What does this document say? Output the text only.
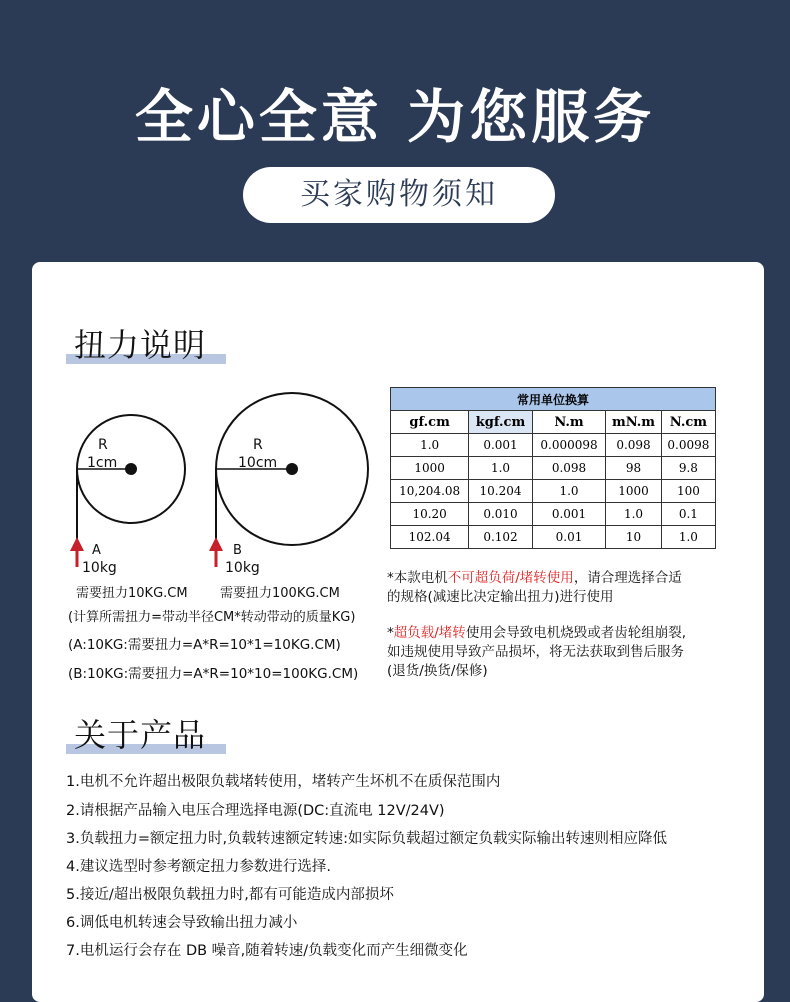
全心全意 为您服务
买家购物须知
扭力说明
R
1cm
A
10kg
需要扭力10KG.CM
R
10cm
B
10kg
需要扭力100KG.CM
(计算所需扭力=带动半径CM*转动带动的质量KG)
(A:10KG:需要扭力=A*R=10*1=10KG.CM)
(B:10KG:需要扭力=A*R=10*10=100KG.CM)
常用单位换算				
gf.cm	kgf.cm	N.m	mN.m	N.cm
1.0	0.001	0.000098	0.098	0.0098
1000	1.0	0.098	98	9.8
10,204.08	10.204	1.0	1000	100
10.20	0.010	0.001	1.0	0.1
102.04	0.102	0.01	10	1.0
*本款电机不可超负荷/堵转使用，请合理选择合适
的规格(减速比决定输出扭力)进行使用
*超负载/堵转使用会导致电机烧毁或者齿轮组崩裂,
如违规使用导致产品损坏，将无法获取到售后服务
(退货/换货/保修)
关于产品
1.电机不允许超出极限负载堵转使用，堵转产生坏机不在质保范围内
2.请根据产品输入电压合理选择电源(DC:直流电 12V/24V)
3.负载扭力=额定扭力时,负载转速额定转速:如实际负载超过额定负载实际输出转速则相应降低
4.建议选型时参考额定扭力参数进行选择.
5.接近/超出极限负载扭力时,都有可能造成内部损坏
6.调低电机转速会导致输出扭力减小
7.电机运行会存在 DB 噪音,随着转速/负载变化而产生细微变化
